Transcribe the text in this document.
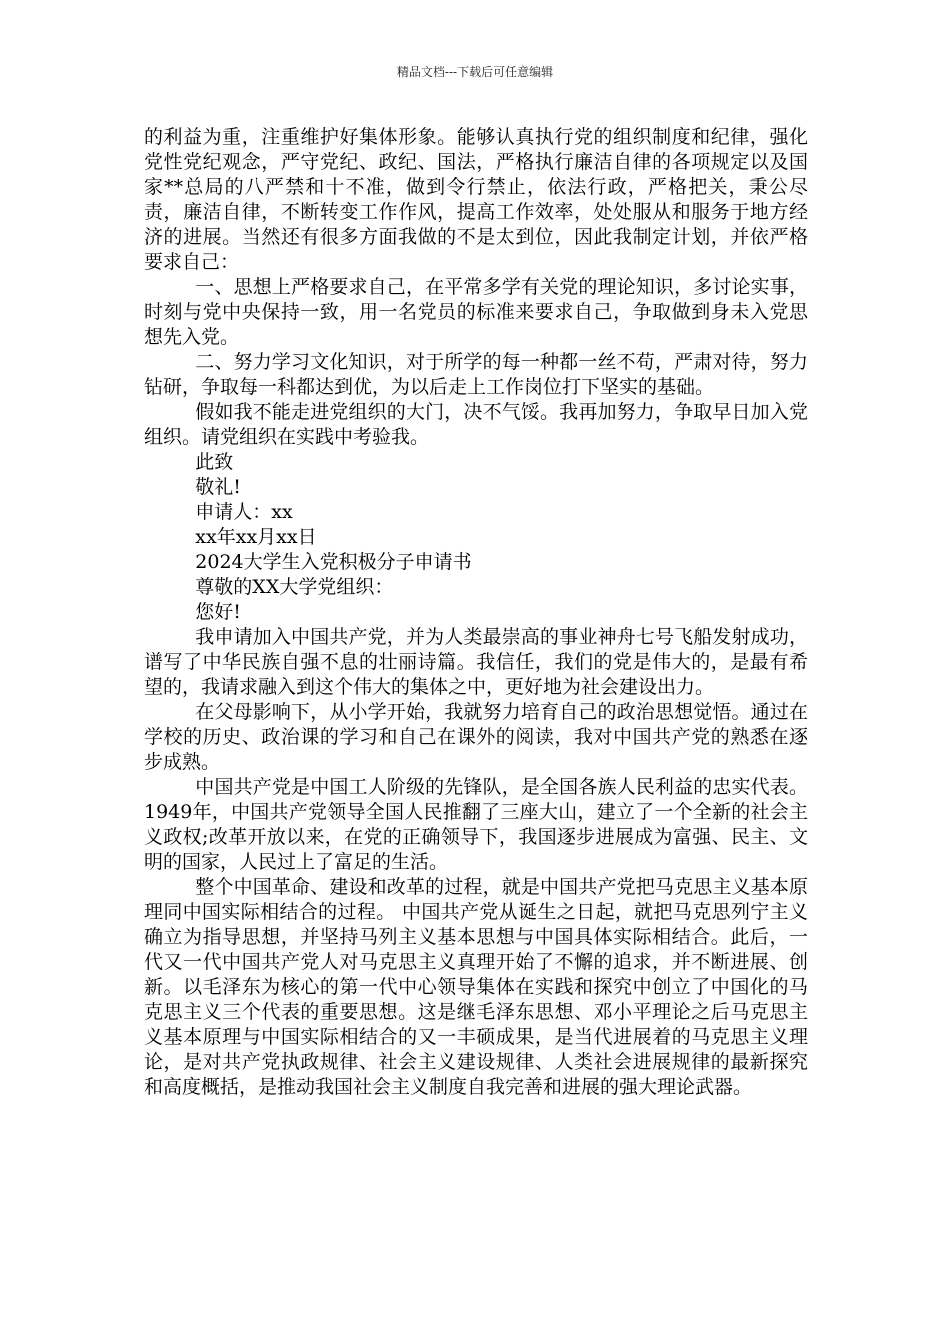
精品文档---下载后可任意编辑

的利益为重，注重维护好集体形象。能够认真执行党的组织制度和纪律，强化党性党纪观念，严守党纪、政纪、国法，严格执行廉洁自律的各项规定以及国家**总局的八严禁和十不准，做到令行禁止，依法行政，严格把关，秉公尽责，廉洁自律，不断转变工作作风，提高工作效率，处处服从和服务于地方经济的进展。当然还有很多方面我做的不是太到位，因此我制定计划，并依严格要求自己：

一、思想上严格要求自己，在平常多学有关党的理论知识，多讨论实事，时刻与党中央保持一致，用一名党员的标准来要求自己，争取做到身未入党思想先入党。

二、努力学习文化知识，对于所学的每一种都一丝不苟，严肃对待，努力钻研，争取每一科都达到优，为以后走上工作岗位打下坚实的基础。

假如我不能走进党组织的大门，决不气馁。我再加努力，争取早日加入党组织。请党组织在实践中考验我。

此致

敬礼!

申请人：xx

xx年xx月xx日

2024大学生入党积极分子申请书

尊敬的XX大学党组织：

您好!

我申请加入中国共产党，并为人类最崇高的事业神舟七号飞船发射成功，谱写了中华民族自强不息的壮丽诗篇。我信任，我们的党是伟大的，是最有希望的，我请求融入到这个伟大的集体之中，更好地为社会建设出力。

在父母影响下，从小学开始，我就努力培育自己的政治思想觉悟。通过在学校的历史、政治课的学习和自己在课外的阅读，我对中国共产党的熟悉在逐步成熟。

中国共产党是中国工人阶级的先锋队，是全国各族人民利益的忠实代表。1949年，中国共产党领导全国人民推翻了三座大山，建立了一个全新的社会主义政权;改革开放以来，在党的正确领导下，我国逐步进展成为富强、民主、文明的国家，人民过上了富足的生活。

整个中国革命、建设和改革的过程，就是中国共产党把马克思主义基本原理同中国实际相结合的过程。 中国共产党从诞生之日起，就把马克思列宁主义确立为指导思想，并坚持马列主义基本思想与中国具体实际相结合。此后，一代又一代中国共产党人对马克思主义真理开始了不懈的追求，并不断进展、创新。以毛泽东为核心的第一代中心领导集体在实践和探究中创立了中国化的马克思主义三个代表的重要思想。这是继毛泽东思想、邓小平理论之后马克思主义基本原理与中国实际相结合的又一丰硕成果，是当代进展着的马克思主义理论，是对共产党执政规律、社会主义建设规律、人类社会进展规律的最新探究和高度概括，是推动我国社会主义制度自我完善和进展的强大理论武器。
